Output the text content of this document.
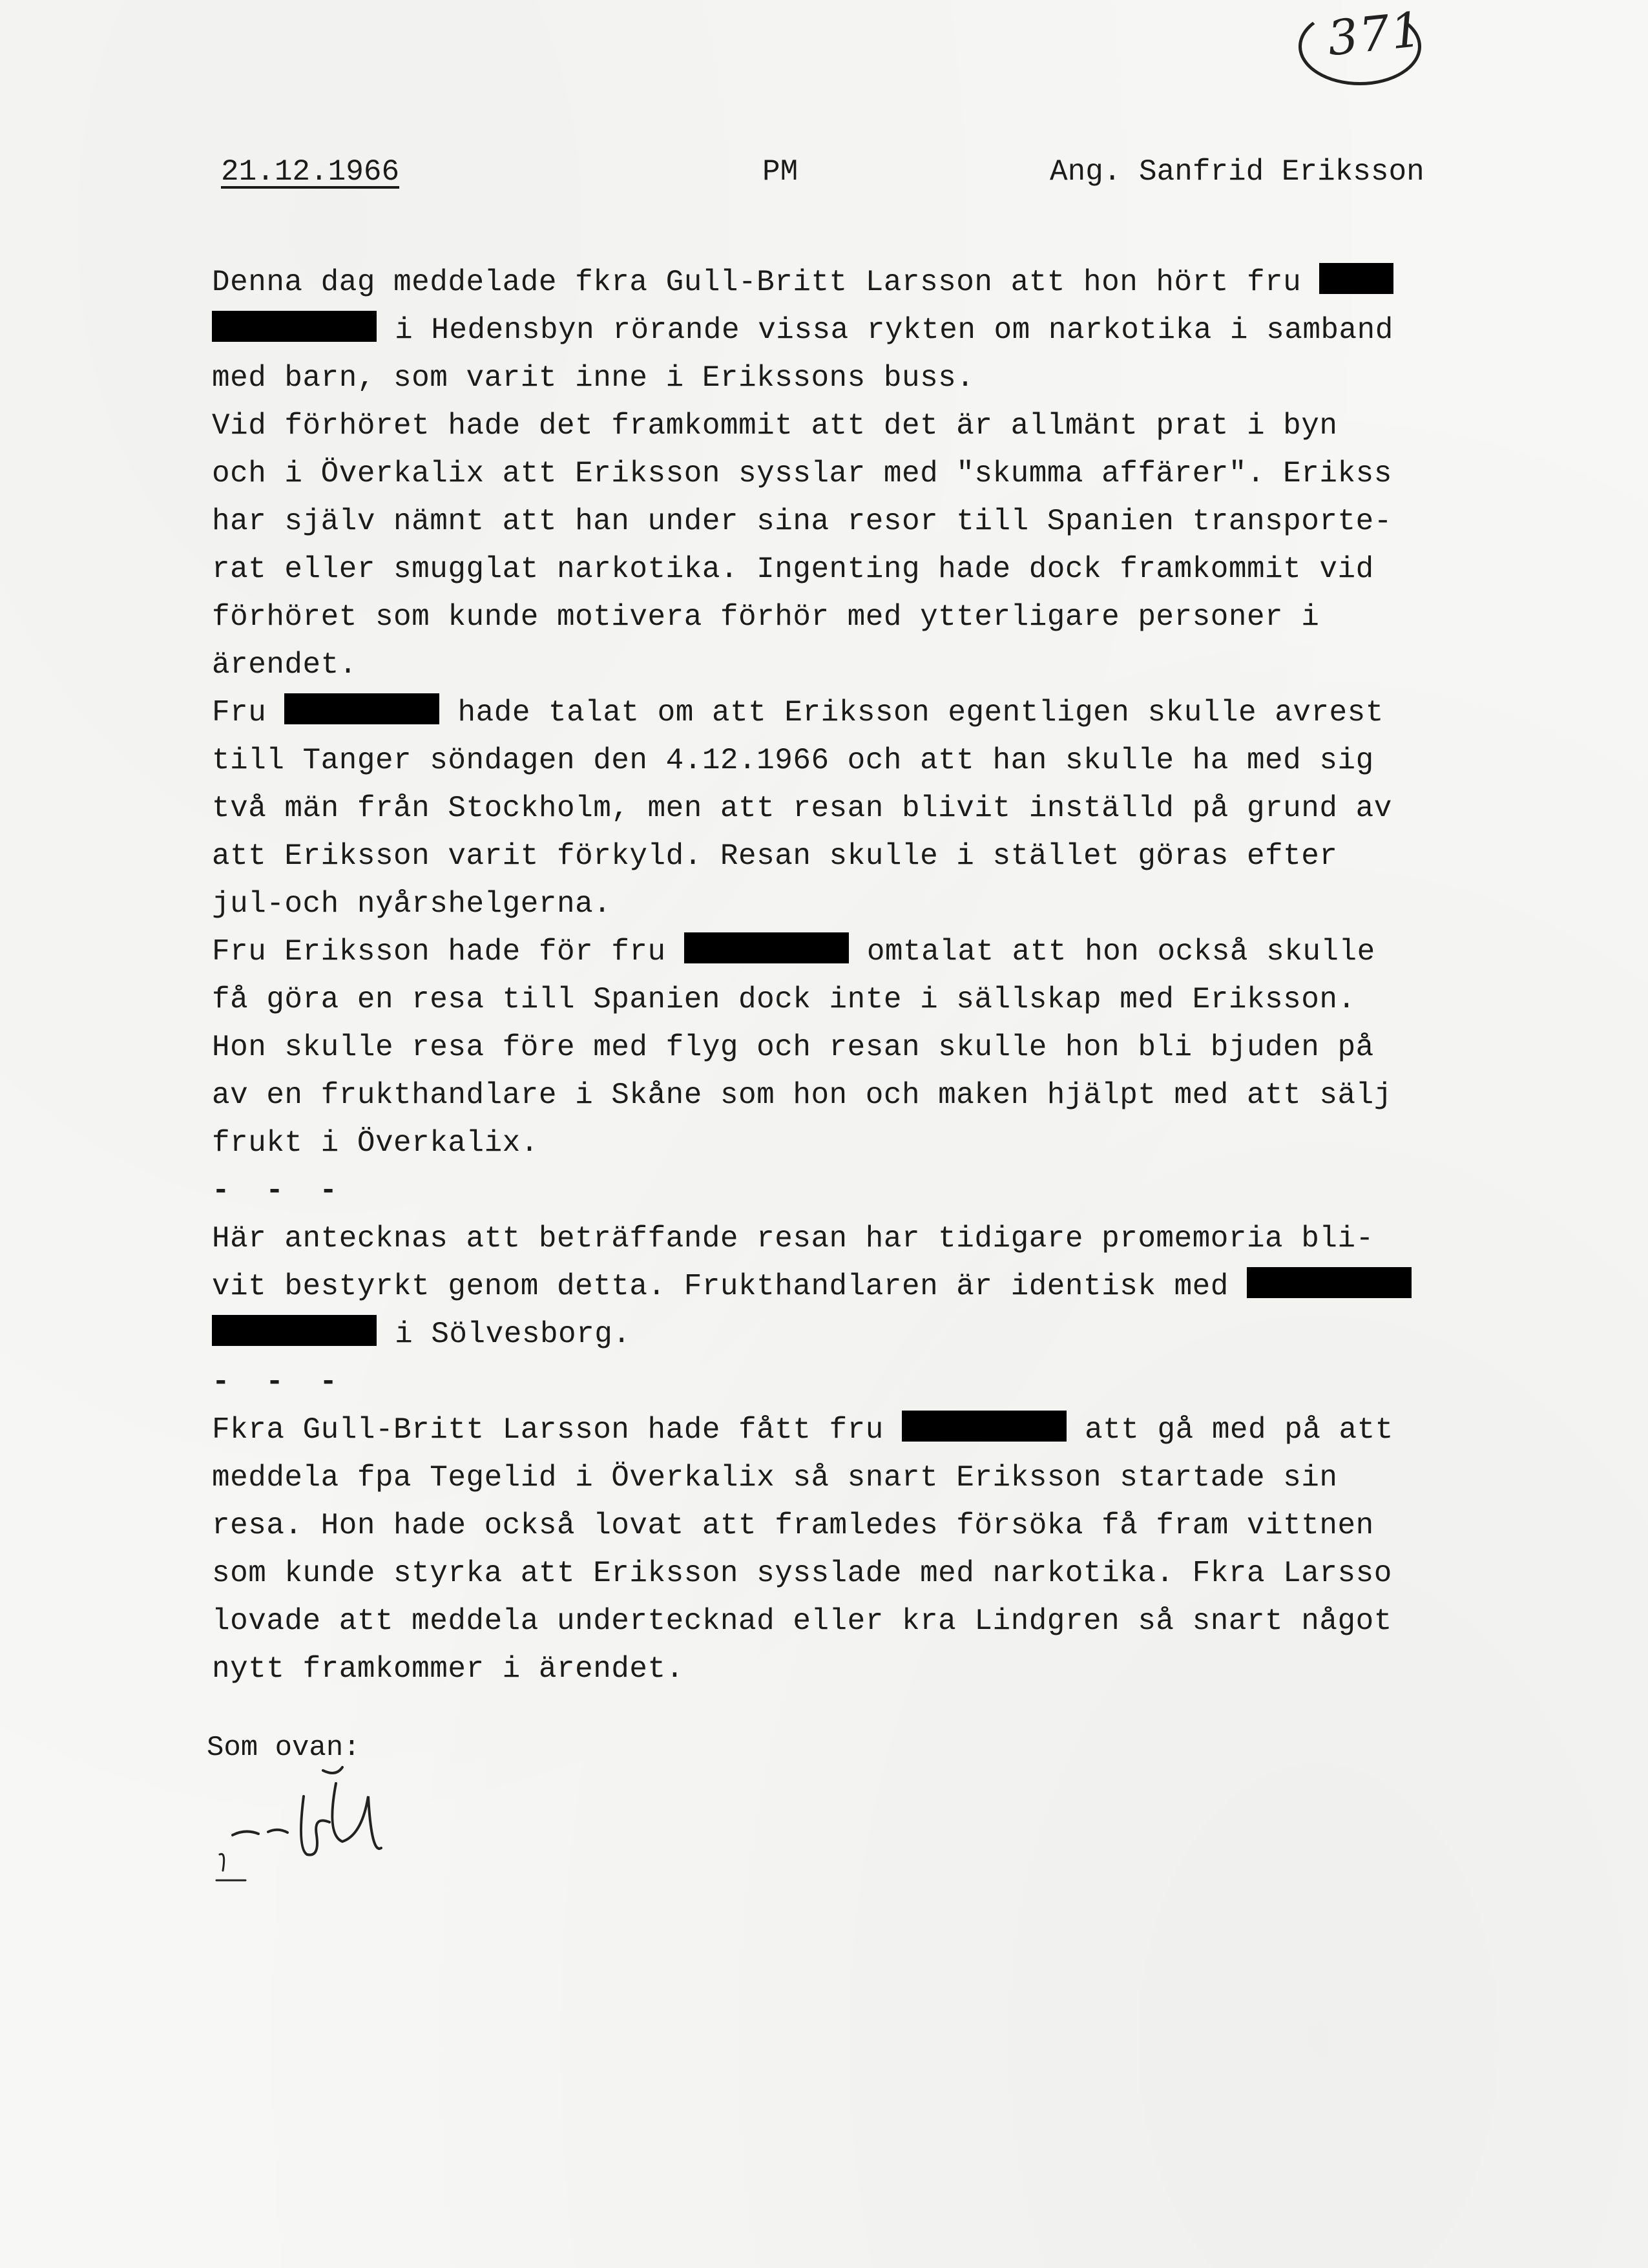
371
21.12.1966	PM	Ang. Sanfrid Eriksson
Denna dag meddelade fkra Gull-Britt Larsson att hon hört fru
i Hedensbyn rörande vissa rykten om narkotika i samband
med barn, som varit inne i Erikssons buss.
Vid förhöret hade det framkommit att det är allmänt prat i byn
och i Överkalix att Eriksson sysslar med "skumma affärer". Erikss
har själv nämnt att han under sina resor till Spanien transporte-
rat eller smugglat narkotika. Ingenting hade dock framkommit vid
förhöret som kunde motivera förhör med ytterligare personer i
ärendet.
Fru	hade talat om att Eriksson egentligen skulle avrest
till Tanger söndagen den 4.12.1966 och att han skulle ha med sig
två män från Stockholm, men att resan blivit inställd på grund av
att Eriksson varit förkyld. Resan skulle i stället göras efter
jul-och nyårshelgerna.
Fru Eriksson hade för fru	omtalat att hon också skulle
få göra en resa till Spanien dock inte i sällskap med Eriksson.
Hon skulle resa före med flyg och resan skulle hon bli bjuden på
av en frukthandlare i Skåne som hon och maken hjälpt med att sälj
frukt i Överkalix.
- - -
Här antecknas att beträffande resan har tidigare promemoria bli-
vit bestyrkt genom detta. Frukthandlaren är identisk med
i Sölvesborg.
- - -
Fkra Gull-Britt Larsson hade fått fru	att gå med på att
meddela fpa Tegelid i Överkalix så snart Eriksson startade sin
resa. Hon hade också lovat att framledes försöka få fram vittnen
som kunde styrka att Eriksson sysslade med narkotika. Fkra Larsso
lovade att meddela undertecknad eller kra Lindgren så snart något
nytt framkommer i ärendet.
Som ovan:
